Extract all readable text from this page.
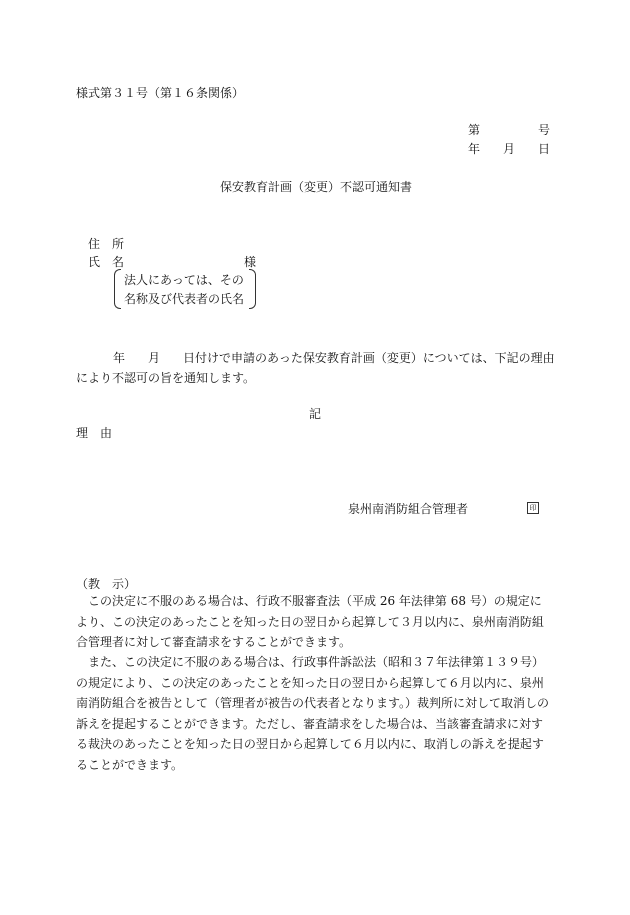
様式第３１号（第１６条関係）
第	号
年 月 日
保安教育計画（変更）不認可通知書
住　所
氏　名	様
法人にあっては、その
名称及び代表者の氏名
年 月 日付けで申請のあった保安教育計画（変更）については、下記の理由
により不認可の旨を通知します。
記
理　由
泉州南消防組合管理者	印
（教　示）
　この決定に不服のある場合は、行政不服審査法（平成 26 年法律第 68 号）の規定により、この決定のあったことを知った日の翌日から起算して３月以内に、泉州南消防組合管理者に対して審査請求をすることができます。
　また、この決定に不服のある場合は、行政事件訴訟法（昭和３７年法律第１３９号）の規定により、この決定のあったことを知った日の翌日から起算して６月以内に、泉州南消防組合を被告として（管理者が被告の代表者となります。）裁判所に対して取消しの訴えを提起することができます。ただし、審査請求をした場合は、当該審査請求に対する裁決のあったことを知った日の翌日から起算して６月以内に、取消しの訴えを提起することができます。
